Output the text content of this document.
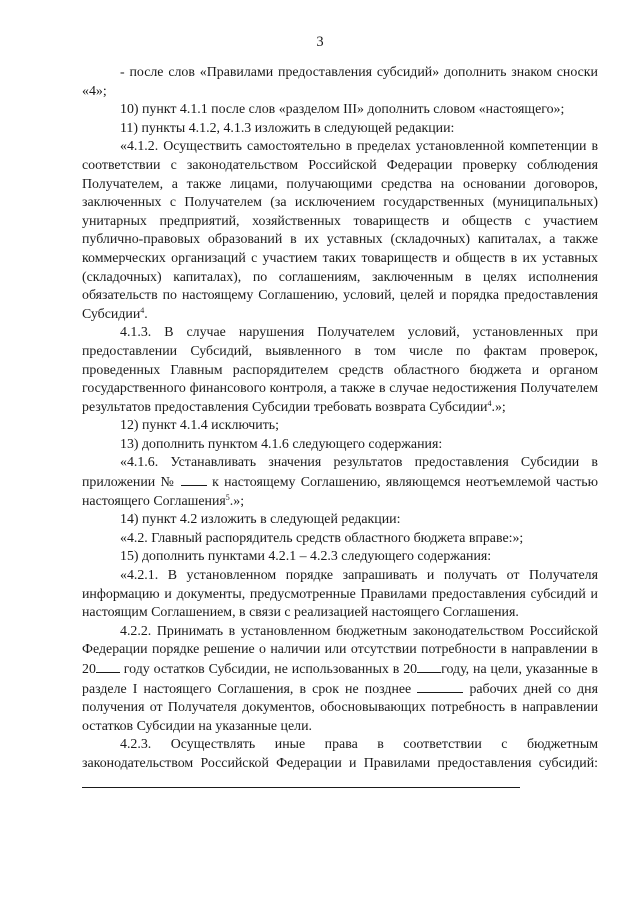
3

- после слов «Правилами предоставления субсидий» дополнить знаком сноски «4»;

10) пункт 4.1.1 после слов «разделом III» дополнить словом «настоящего»;

11) пункты 4.1.2, 4.1.3 изложить в следующей редакции:

«4.1.2. Осуществить самостоятельно в пределах установленной компетенции в соответствии с законодательством Российской Федерации проверку соблюдения Получателем, а также лицами, получающими средства на основании договоров, заключенных с Получателем (за исключением государственных (муниципальных) унитарных предприятий, хозяйственных товариществ и обществ с участием публично-правовых образований в их уставных (складочных) капиталах, а также коммерческих организаций с участием таких товариществ и обществ в их уставных (складочных) капиталах), по соглашениям, заключенным в целях исполнения обязательств по настоящему Соглашению, условий, целей и порядка предоставления Субсидии$^4$.

4.1.3. В случае нарушения Получателем условий, установленных при предоставлении Субсидий, выявленного в том числе по фактам проверок, проведенных Главным распорядителем средств областного бюджета и органом государственного финансового контроля, а также в случае недостижения Получателем результатов предоставления Субсидии требовать возврата Субсидии$^4$.»;

12) пункт 4.1.4 исключить;

13) дополнить пунктом 4.1.6 следующего содержания:

«4.1.6. Устанавливать значения результатов предоставления Субсидии в приложении №	к настоящему Соглашению, являющемся неотъемлемой частью настоящего Соглашения$^5$.»;

14) пункт 4.2 изложить в следующей редакции:

«4.2. Главный распорядитель средств областного бюджета вправе:»;

15) дополнить пунктами 4.2.1 – 4.2.3 следующего содержания:

«4.2.1. В установленном порядке запрашивать и получать от Получателя информацию и документы, предусмотренные Правилами предоставления субсидий и настоящим Соглашением, в связи с реализацией настоящего Соглашения.

4.2.2. Принимать в установленном бюджетным законодательством Российской Федерации порядке решение о наличии или отсутствии потребности в направлении в 20 году остатков Субсидии, не использованных в 20 году, на цели, указанные в разделе I настоящего Соглашения, в срок не позднее	рабочих дней со дня получения от Получателя документов, обосновывающих потребность в направлении остатков Субсидии на указанные цели.

4.2.3. Осуществлять иные права в соответствии с бюджетным законодательством Российской Федерации и Правилами предоставления субсидий:
